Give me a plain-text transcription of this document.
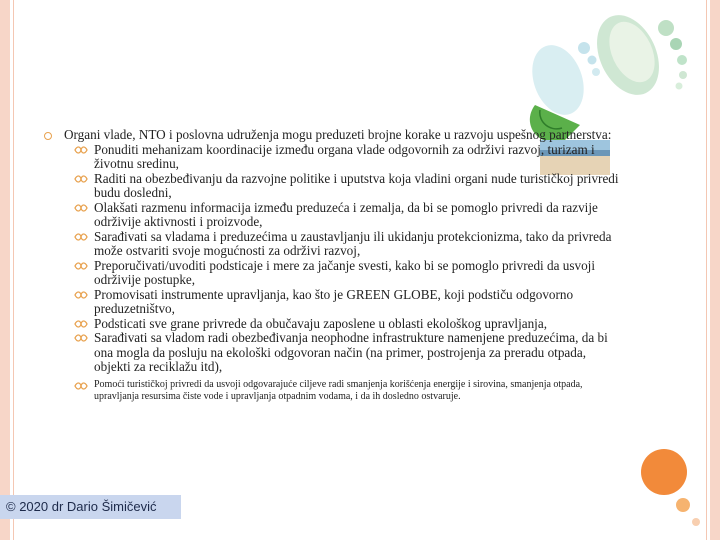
Organi vlade, NTO i poslovna udruženja mogu preduzeti brojne korake u razvoju uspešnog partnerstva:
Ponuditi mehanizam koordinacije između organa vlade odgovornih za održivi razvoj, turizam i životnu sredinu,
Raditi na obezbeđivanju da razvojne politike i uputstva koja vladini organi nude turističkoj privredi budu dosledni,
Olakšati razmenu informacija između preduzeća i zemalja, da bi se pomoglo privredi da razvije održivije aktivnosti i proizvode,
Sarađivati sa vladama i preduzećima u zaustavljanju ili ukidanju protekcionizma, tako da privreda može ostvariti svoje mogućnosti za održivi razvoj,
Preporučivati/uvoditi podsticaje i mere za jačanje svesti, kako bi se pomoglo privredi da usvoji održivije postupke,
Promovisati instrumente upravljanja, kao što je GREEN GLOBE, koji podstiču odgovorno preduzetništvo,
Podsticati sve grane privrede da obučavaju zaposlene u oblasti ekološkog upravljanja,
Sarađivati sa vladom radi obezbeđivanja neophodne infrastrukture namenjene preduzećima, da bi ona mogla da posluju na ekološki odgovoran način (na primer, postrojenja za preradu otpada, objekti za reciklažu itd),
Pomoći turističkoj privredi da usvoji odgovarajuće ciljeve radi smanjenja korišćenja energije i sirovina, smanjenja otpada, upravljanja resursima čiste vode i upravljanja otpadnim vodama, i da ih dosledno ostvaruje.
© 2020 dr Dario Šimičević
